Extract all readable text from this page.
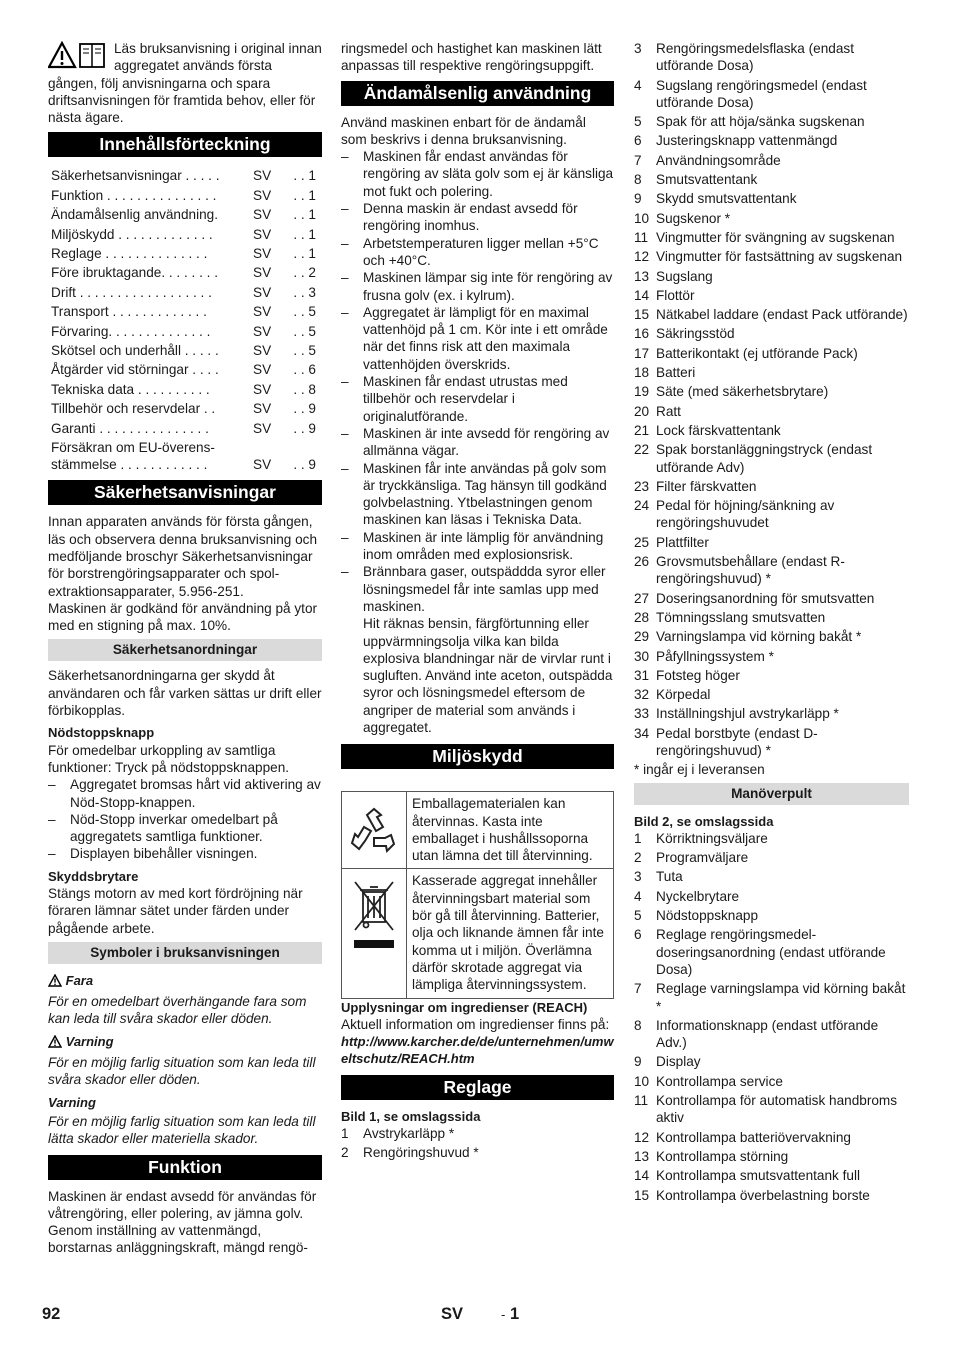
Läs bruksanvisning i original innan aggregatet används första gången, följ anvisningarna och spara driftsanvisningen för framtida behov, eller för nästa ägare.

Innehållsförteckning
Säkerhetsanvisningar . . . . .	SV	. . 1
Funktion . . . . . . . . . . . . . . .	SV	. . 1
Ändamålsenlig användning.	SV	. . 1
Miljöskydd . . . . . . . . . . . . .	SV	. . 1
Reglage . . . . . . . . . . . . . .	SV	. . 1
Före ibruktagande. . . . . . . .	SV	. . 2
Drift . . . . . . . . . . . . . . . . . .	SV	. . 3
Transport . . . . . . . . . . . . .	SV	. . 5
Förvaring. . . . . . . . . . . . . .	SV	. . 5
Skötsel och underhåll . . . . .	SV	. . 5
Åtgärder vid störningar . . . .	SV	. . 6
Tekniska data . . . . . . . . . .	SV	. . 8
Tillbehör och reservdelar . .	SV	. . 9
Garanti . . . . . . . . . . . . . . .	SV	. . 9
Försäkran om EU-överens-stämmelse . . . . . . . . . . . .	SV	. . 9
Säkerhetsanvisningar

Innan apparaten används för första gången, läs och observera denna bruksanvisning och medföljande broschyr Säkerhetsanvisningar för borstrengöringsapparater och spol-extraktionsapparater, 5.956-251.

Maskinen är godkänd för användning på ytor med en stigning på max. 10%.

Säkerhetsanordningar

Säkerhetsanordningarna ger skydd åt användaren och får varken sättas ur drift eller förbikopplas.

Nödstoppsknapp

För omedelbar urkoppling av samtliga funktioner: Tryck på nödstoppsknappen.

– Aggregatet bromsas hårt vid aktivering av Nöd-Stopp-knappen.
– Nöd-Stopp inverkar omedelbart på aggregatets samtliga funktioner.
– Displayen bibehåller visningen.

Skyddsbrytare

Stängs motorn av med kort fördröjning när föraren lämnar sätet under färden under pågående arbete.

Symboler i bruksanvisningen

Fara

För en omedelbart överhängande fara som kan leda till svåra skador eller döden.

Varning

För en möjlig farlig situation som kan leda till svåra skador eller döden.

Varning

För en möjlig farlig situation som kan leda till lätta skador eller materiella skador.

Funktion

Maskinen är endast avsedd för användas för våtrengöring, eller polering, av jämna golv.

Genom inställning av vattenmängd, borstarnas anläggningskraft, mängd rengö-

ringsmedel och hastighet kan maskinen lätt anpassas till respektive rengöringsuppgift.

Ändamålsenlig användning

Använd maskinen enbart för de ändamål som beskrivs i denna bruksanvisning.

– Maskinen får endast användas för rengöring av släta golv som ej är känsliga mot fukt och polering.
– Denna maskin är endast avsedd för rengöring inomhus.
– Arbetstemperaturen ligger mellan +5°C och +40°C.
– Maskinen lämpar sig inte för rengöring av frusna golv (ex. i kylrum).
– Aggregatet är lämpligt för en maximal vattenhöjd på 1 cm. Kör inte i ett område när det finns risk att den maximala vattenhöjden överskrids.
– Maskinen får endast utrustas med tillbehör och reservdelar i originalutförande.
– Maskinen är inte avsedd för rengöring av allmänna vägar.
– Maskinen får inte användas på golv som är tryckkänsliga. Tag hänsyn till godkänd golvbelastning. Ytbelastningen genom maskinen kan läsas i Tekniska Data.
– Maskinen är inte lämplig för användning inom områden med explosionsrisk.
– Brännbara gaser, outspäddda syror eller lösningsmedel får inte samlas upp med maskinen.

Hit räknas bensin, färgförtunning eller uppvärmningsolja vilka kan bilda explosiva blandningar när de virvlar runt i sugluften. Använd inte aceton, outspädda syror och lösningsmedel eftersom de angriper de material som används i aggregatet.

Miljöskydd
	Emballagematerialen kan återvinnas. Kasta inte emballaget i hushållssoporna utan lämna det till återvinning.
	Kasserade aggregat innehåller återvinningsbart material som bör gå till återvinning. Batterier, olja och liknande ämnen får inte komma ut i miljön. Överlämna därför skrotade aggregat via lämpliga återvinningssystem.

Upplysningar om ingredienser (REACH)

Aktuell information om ingredienser finns på:

http://www.karcher.de/de/unternehmen/umweltschutz/REACH.htm

Reglage

Bild 1, se omslagssida

1 Avstrykarläpp *
2 Rengöringshuvud *
3 Rengöringsmedelsflaska (endast utförande Dosa)
4 Sugslang rengöringsmedel (endast utförande Dosa)
5 Spak för att höja/sänka sugskenan
6 Justeringsknapp vattenmängd
7 Användningsområde
8 Smutsvattentank
9 Skydd smutsvattentank
10 Sugskenor *
11 Vingmutter för svängning av sugskenan
12 Vingmutter för fastsättning av sugskenan
13 Sugslang
14 Flottör
15 Nätkabel laddare (endast Pack utförande)
16 Säkringsstöd
17 Batterikontakt (ej utförande Pack)
18 Batteri
19 Säte (med säkerhetsbrytare)
20 Ratt
21 Lock färskvattentank
22 Spak borstanläggningstryck (endast utförande Adv)
23 Filter färskvatten
24 Pedal för höjning/sänkning av rengöringshuvudet
25 Plattfilter
26 Grovsmutsbehållare (endast R-rengöringshuvud) *
27 Doseringsanordning för smutsvatten
28 Tömningsslang smutsvatten
29 Varningslampa vid körning bakåt *
30 Påfyllningssystem *
31 Fotsteg höger
32 Körpedal
33 Inställningshjul avstrykarläpp *
34 Pedal borstbyte (endast D-rengöringshuvud) *

* ingår ej i leveransen

Manöverpult

Bild 2, se omslagssida

1 Körriktningsväljare
2 Programväljare
3 Tuta
4 Nyckelbrytare
5 Nödstoppsknapp
6 Reglage rengöringsmedel-doseringsanordning (endast utförande Dosa)
7 Reglage varningslampa vid körning bakåt *
8 Informationsknapp (endast utförande Adv.)
9 Display
10 Kontrollampa service
11 Kontrollampa för automatisk handbroms aktiv
12 Kontrollampa batteriövervakning
13 Kontrollampa störning
14 Kontrollampa smutsvattentank full
15 Kontrollampa överbelastning borste
92	SV	- 1
